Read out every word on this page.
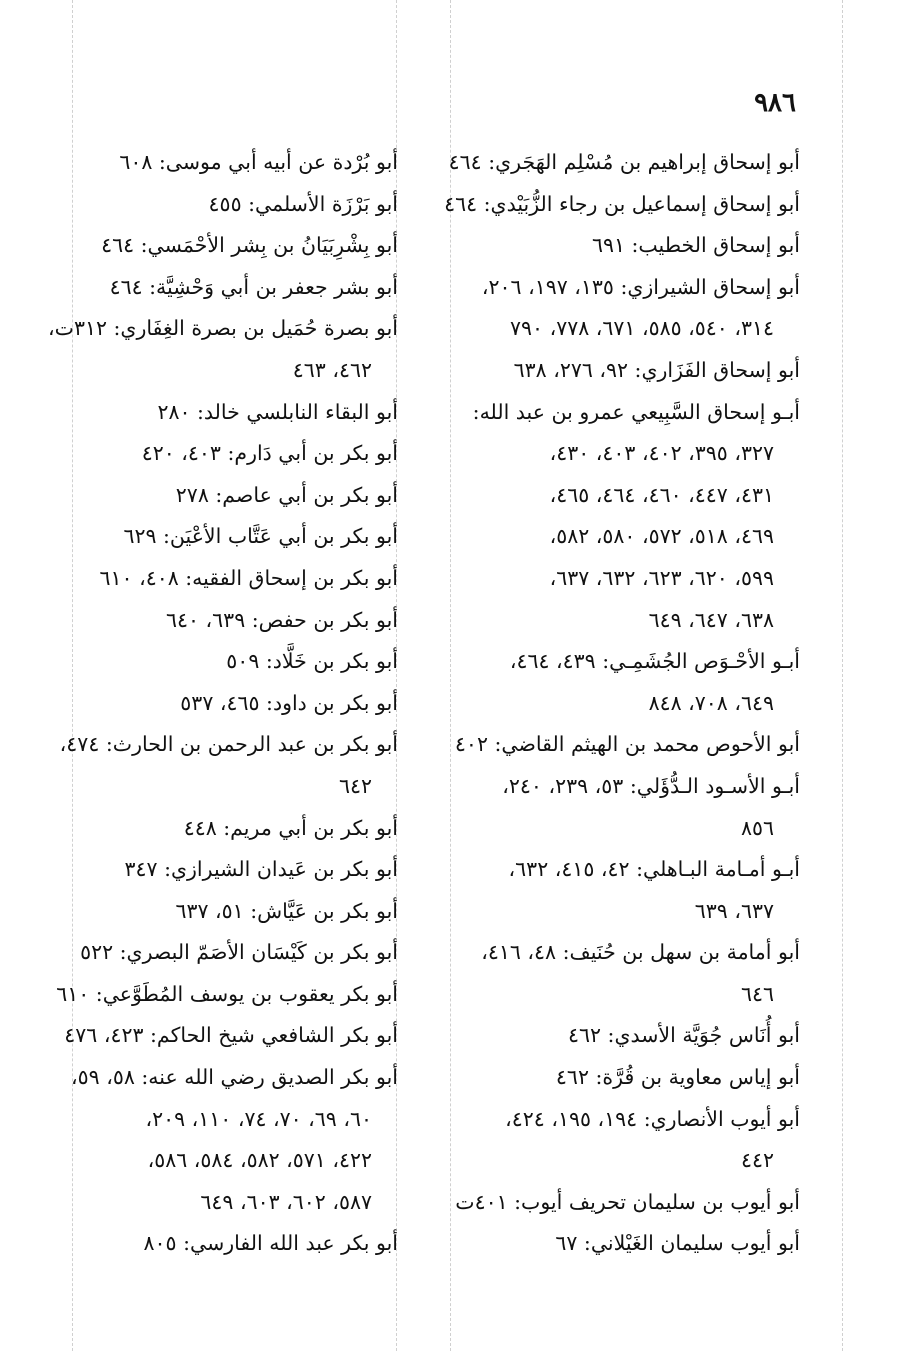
٩٨٦
أبو إسحاق إبراهيم بن مُسْلِم الهَجَري: ٤٦٤
أبو إسحاق إسماعيل بن رجاء الزُّبَيْدي: ٤٦٤
أبو إسحاق الخطيب: ٦٩١
أبو إسحاق الشيرازي: ١٣٥، ١٩٧، ٢٠٦،
٣١٤، ٥٤٠، ٥٨٥، ٦٧١، ٧٧٨، ٧٩٠
أبو إسحاق الفَزَاري: ٩٢، ٢٧٦، ٦٣٨
أبـو إسحاق السَّبِيعي عمرو بن عبد الله:
٣٢٧، ٣٩٥، ٤٠٢، ٤٠٣، ٤٣٠،
٤٣١، ٤٤٧، ٤٦٠، ٤٦٤، ٤٦٥،
٤٦٩، ٥١٨، ٥٧٢، ٥٨٠، ٥٨٢،
٥٩٩، ٦٢٠، ٦٢٣، ٦٣٢، ٦٣٧،
٦٣٨، ٦٤٧، ٦٤٩
أبـو الأحْـوَص الجُشَمِـي: ٤٣٩، ٤٦٤،
٦٤٩، ٧٠٨، ٨٤٨
أبو الأحوص محمد بن الهيثم القاضي: ٤٠٢
أبـو الأسـود الـدُّؤَلي: ٥٣، ٢٣٩، ٢٤٠،
٨٥٦
أبـو أمـامة البـاهلي: ٤٢، ٤١٥، ٦٣٢،
٦٣٧، ٦٣٩
أبو أمامة بن سهل بن حُنَيف: ٤٨، ٤١٦،
٦٤٦
أبو أُنَاس جُوَيَّة الأسدي: ٤٦٢
أبو إياس معاوية بن قُرَّة: ٤٦٢
أبو أيوب الأنصاري: ١٩٤، ١٩٥، ٤٢٤،
٤٤٢
أبو أيوب بن سليمان تحريف أيوب: ٤٠١ت
أبو أيوب سليمان الغَيْلاني: ٦٧
أبو بُرْدة عن أبيه أبي موسى: ٦٠٨
أبو بَرْزَة الأسلمي: ٤٥٥
أبو بِشْرِبَيَانُ بن بِشر الأحْمَسي: ٤٦٤
أبو بشر جعفر بن أبي وَحْشِيَّة: ٤٦٤
أبو بصرة حُمَيل بن بصرة الغِفَاري: ٣١٢ت،
٤٦٢، ٤٦٣
أبو البقاء النابلسي خالد: ٢٨٠
أبو بكر بن أبي دَارم: ٤٠٣، ٤٢٠
أبو بكر بن أبي عاصم: ٢٧٨
أبو بكر بن أبي عَتَّاب الأعْيَن: ٦٢٩
أبو بكر بن إسحاق الفقيه: ٤٠٨، ٦١٠
أبو بكر بن حفص: ٦٣٩، ٦٤٠
أبو بكر بن خَلَّاد: ٥٠٩
أبو بكر بن داود: ٤٦٥، ٥٣٧
أبو بكر بن عبد الرحمن بن الحارث: ٤٧٤،
٦٤٢
أبو بكر بن أبي مريم: ٤٤٨
أبو بكر بن عَيدان الشيرازي: ٣٤٧
أبو بكر بن عَيَّاش: ٥١، ٦٣٧
أبو بكر بن كَيْسَان الأصَمّ البصري: ٥٢٢
أبو بكر يعقوب بن يوسف المُطَوَّعي: ٦١٠
أبو بكر الشافعي شيخ الحاكم: ٤٢٣، ٤٧٦
أبو بكر الصديق رضي الله عنه: ٥٨، ٥٩،
٦٠، ٦٩، ٧٠، ٧٤، ١١٠، ٢٠٩،
٤٢٢، ٥٧١، ٥٨٢، ٥٨٤، ٥٨٦،
٥٨٧، ٦٠٢، ٦٠٣، ٦٤٩
أبو بكر عبد الله الفارسي: ٨٠٥
